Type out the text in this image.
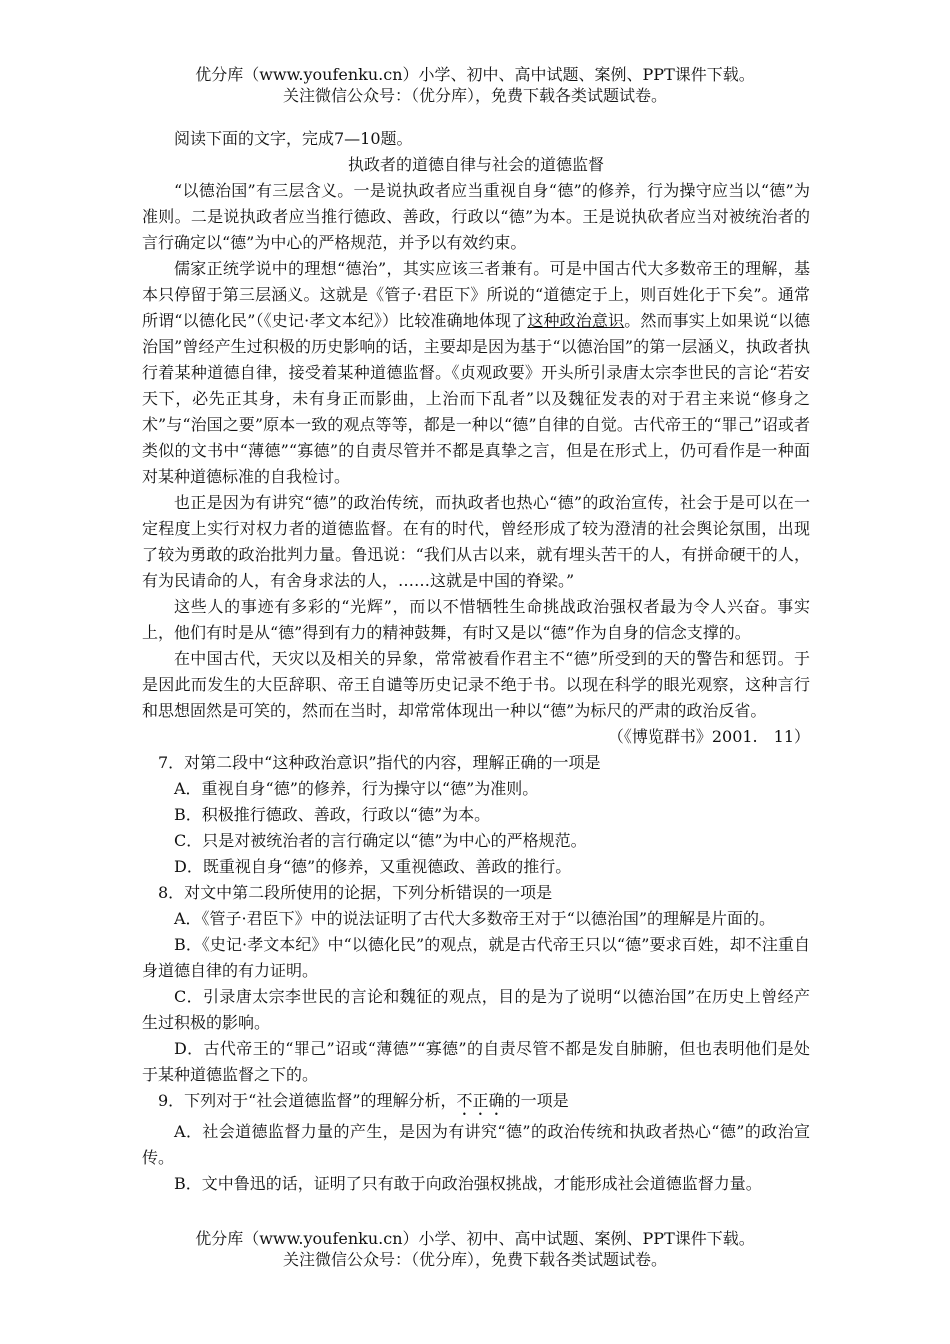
优分库（www.youfenku.cn）小学、初中、高中试题、案例、PPT课件下载。

关注微信公众号：（优分库），免费下载各类试题试卷。

阅读下面的文字，完成7—10题。

执政者的道德自律与社会的道德监督

“以德治国”有三层含义。一是说执政者应当重视自身“德”的修养，行为操守应当以“德”为准则。二是说执政者应当推行德政、善政，行政以“德”为本。王是说执砍者应当对被统治者的言行确定以“德”为中心的严格规范，并予以有效约束。

儒家正统学说中的理想“德治”，其实应该三者兼有。可是中国古代大多数帝王的理解，基本只停留于第三层涵义。这就是《管子·君臣下》所说的“道德定于上，则百姓化于下矣”。通常所谓“以德化民”（《史记·孝文本纪》）比较准确地体现了这种政治意识。然而事实上如果说“以德治国”曾经产生过积极的历史影响的话，主要却是因为基于“以德治国”的第一层涵义，执政者执行着某种道德自律，接受着某种道德监督。《贞观政要》开头所引录唐太宗李世民的言论“若安天下，必先正其身，未有身正而影曲，上治而下乱者”以及魏征发表的对于君主来说“修身之术”与“治国之要”原本一致的观点等等，都是一种以“德”自律的自觉。古代帝王的“罪己”诏或者类似的文书中“薄德”“寡德”的自责尽管并不都是真挚之言，但是在形式上，仍可看作是一种面对某种道德标准的自我检讨。

也正是因为有讲究“德”的政治传统，而执政者也热心“德”的政治宣传，社会于是可以在一定程度上实行对权力者的道德监督。在有的时代，曾经形成了较为澄清的社会舆论氛围，出现了较为勇敢的政治批判力量。鲁迅说：“我们从古以来，就有埋头苦干的人，有拼命硬干的人，有为民请命的人，有舍身求法的人，……这就是中国的脊梁。”

这些人的事迹有多彩的“光辉”，而以不惜牺牲生命挑战政治强权者最为令人兴奋。事实　　上，他们有时是从“德”得到有力的精神鼓舞，有时又是以“德”作为自身的信念支撑的。

在中国古代，天灾以及相关的异象，常常被看作君主不“德”所受到的天的警告和惩罚。于是因此而发生的大臣辞职、帝王自谴等历史记录不绝于书。以现在科学的眼光观察，这种言行和思想固然是可笑的，然而在当时，却常常体现出一种以“德”为标尺的严肃的政治反省。

（《博览群书》2001.　11）

7．对第二段中“这种政治意识”指代的内容，理解正确的一项是

A．重视自身“德”的修养，行为操守以“德”为准则。

B．积极推行德政、善政，行政以“德”为本。

C．只是对被统治者的言行确定以“德”为中心的严格规范。

D．既重视自身“德”的修养，又重视德政、善政的推行。

8．对文中第二段所使用的论据，下列分析错误的一项是

A．《管子·君臣下》中的说法证明了古代大多数帝王对于“以德治国”的理解是片面的。

B．《史记·孝文本纪》中“以德化民”的观点，就是古代帝王只以“德”要求百姓，却不注重自身道德自律的有力证明。

C．引录唐太宗李世民的言论和魏征的观点，目的是为了说明“以德治国”在历史上曾经产生过积极的影响。

D．古代帝王的“罪己”诏或“薄德”“寡德”的自责尽管不都是发自肺腑，但也表明他们是处于某种道德监督之下的。

9．下列对于“社会道德监督”的理解分析，不正确的一项是

A．社会道德监督力量的产生，是因为有讲究“德”的政治传统和执政者热心“德”的政治宣传。

B．文中鲁迅的话，证明了只有敢于向政治强权挑战，才能形成社会道德监督力量。

优分库（www.youfenku.cn）小学、初中、高中试题、案例、PPT课件下载。

关注微信公众号：（优分库），免费下载各类试题试卷。
